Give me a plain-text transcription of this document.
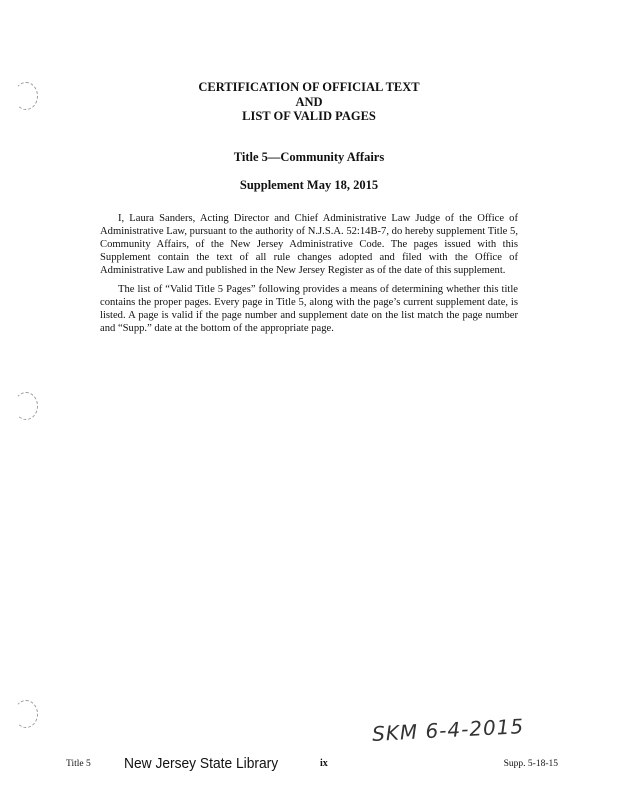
CERTIFICATION OF OFFICIAL TEXT
AND
LIST OF VALID PAGES
Title 5—Community Affairs
Supplement May 18, 2015

I, Laura Sanders, Acting Director and Chief Administrative Law Judge of the Office of Administrative Law, pursuant to the authority of N.J.S.A. 52:14B-7, do hereby supplement Title 5, Community Affairs, of the New Jersey Administrative Code. The pages issued with this Supplement contain the text of all rule changes adopted and filed with the Office of Administrative Law and published in the New Jersey Register as of the date of this supplement.

The list of “Valid Title 5 Pages” following provides a means of determining whether this title contains the proper pages. Every page in Title 5, along with the page’s current supplement date, is listed. A page is valid if the page number and supplement date on the list match the page number and “Supp.” date at the bottom of the appropriate page.

SKM 6-4-2015
Title 5 New Jersey State Library	ix	Supp. 5-18-15
